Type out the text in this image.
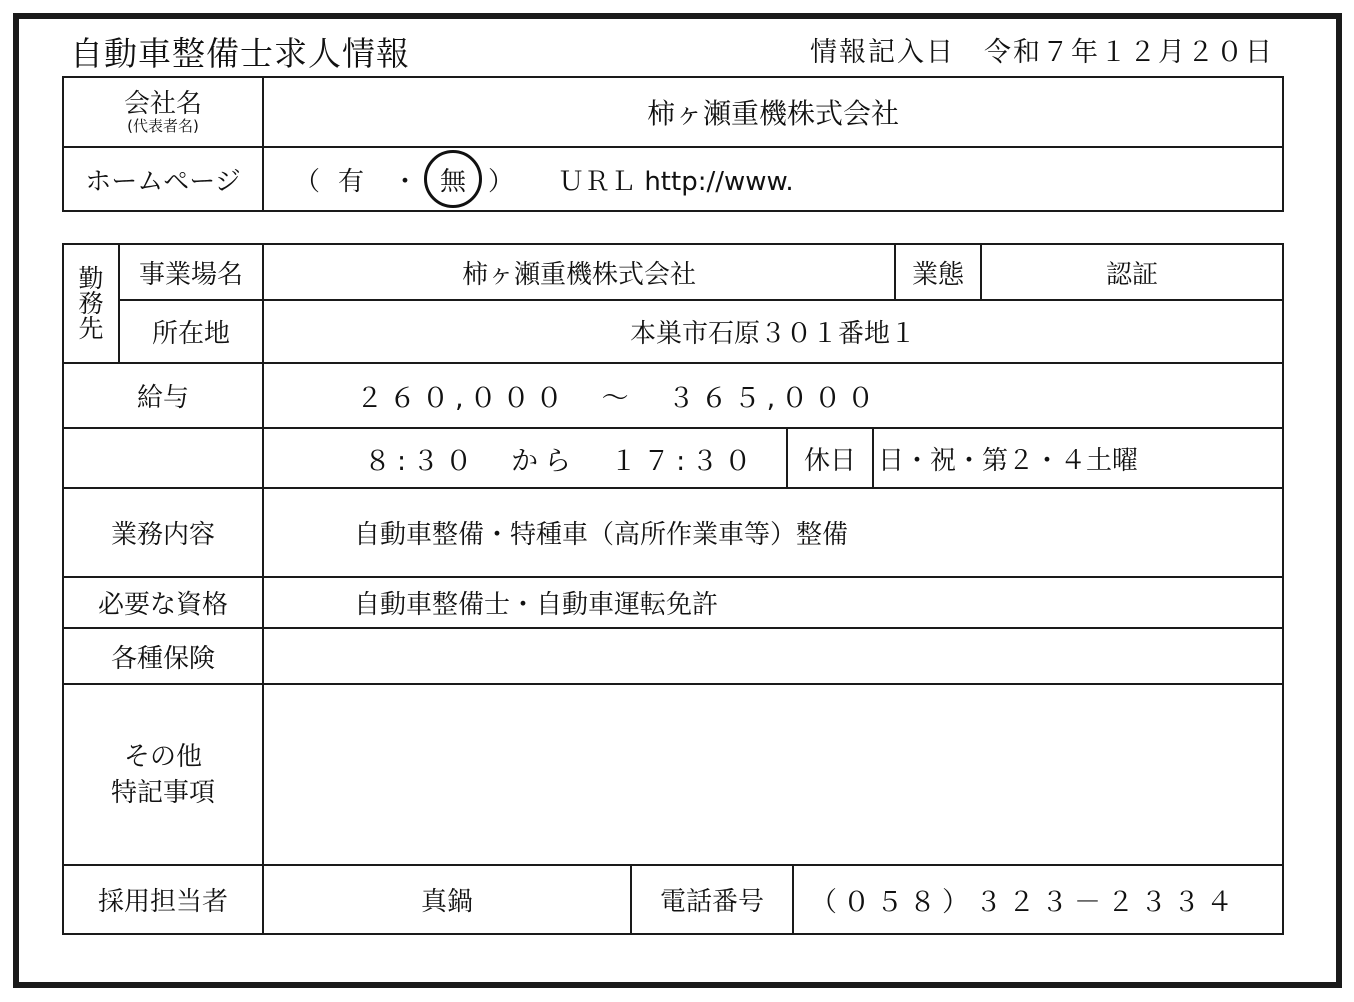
自動車整備士求人情報	情報記入日　令和７年１２月２０日
会社名
(代表者名)	柿ヶ瀬重機株式会社
ホームページ （ 有 ・ 無 ） ＵＲＬ http://www.
勤
務
先
事業場名	柿ヶ瀬重機株式会社	業態	認証
所在地	本巣市石原３０１番地１
給与	２６０,０００　～　３６５,０００
８:３０　から　１７:３０ 休日 日・祝・第２・４土曜
業務内容	自動車整備・特種車（高所作業車等）整備
必要な資格	自動車整備士・自動車運転免許
各種保険
その他
特記事項
採用担当者	真鍋	電話番号 （０５８）３２３－２３３４
